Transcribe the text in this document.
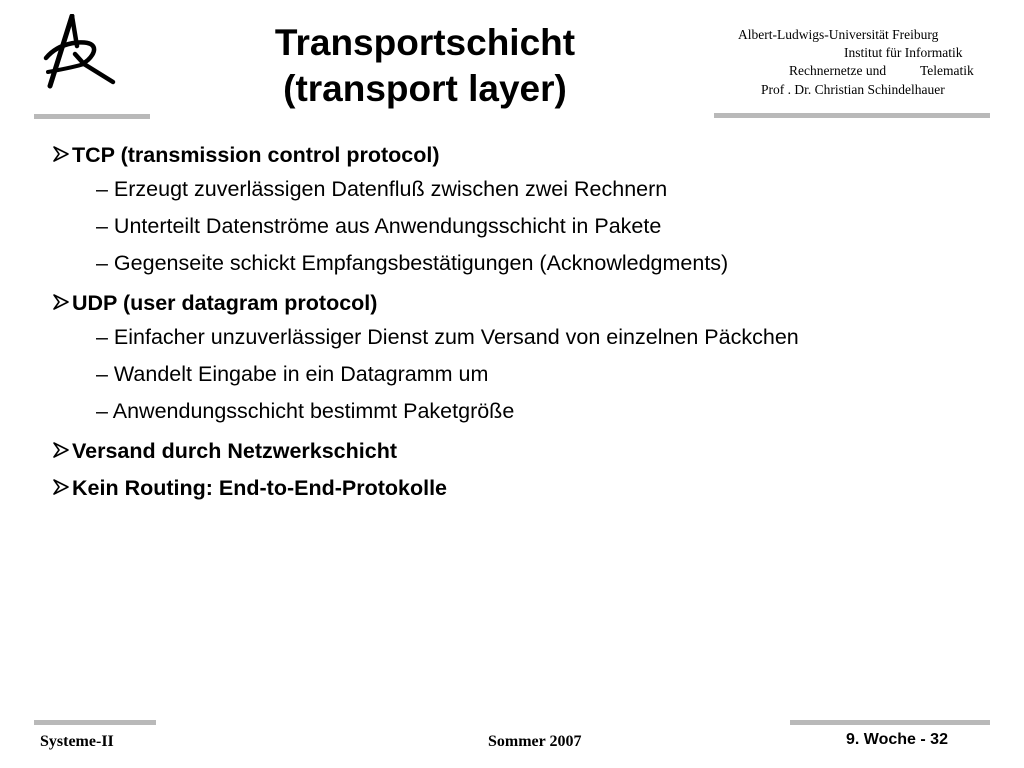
Transportschicht
(transport layer)
Albert-Ludwigs-Universität Freiburg
Institut für Informatik
Rechnernetze und	Telematik
Prof . Dr. Christian Schindelhauer
TCP (transmission control protocol)
– Erzeugt zuverlässigen Datenfluß zwischen zwei Rechnern
– Unterteilt Datenströme aus Anwendungsschicht in Pakete
– Gegenseite schickt Empfangsbestätigungen (Acknowledgments)
UDP (user datagram protocol)
– Einfacher unzuverlässiger Dienst zum Versand von einzelnen Päckchen
– Wandelt Eingabe in ein Datagramm um
– Anwendungsschicht bestimmt Paketgröße
Versand durch Netzwerkschicht
Kein Routing: End-to-End-Protokolle
Systeme-II	Sommer 2007	9. Woche - 32
